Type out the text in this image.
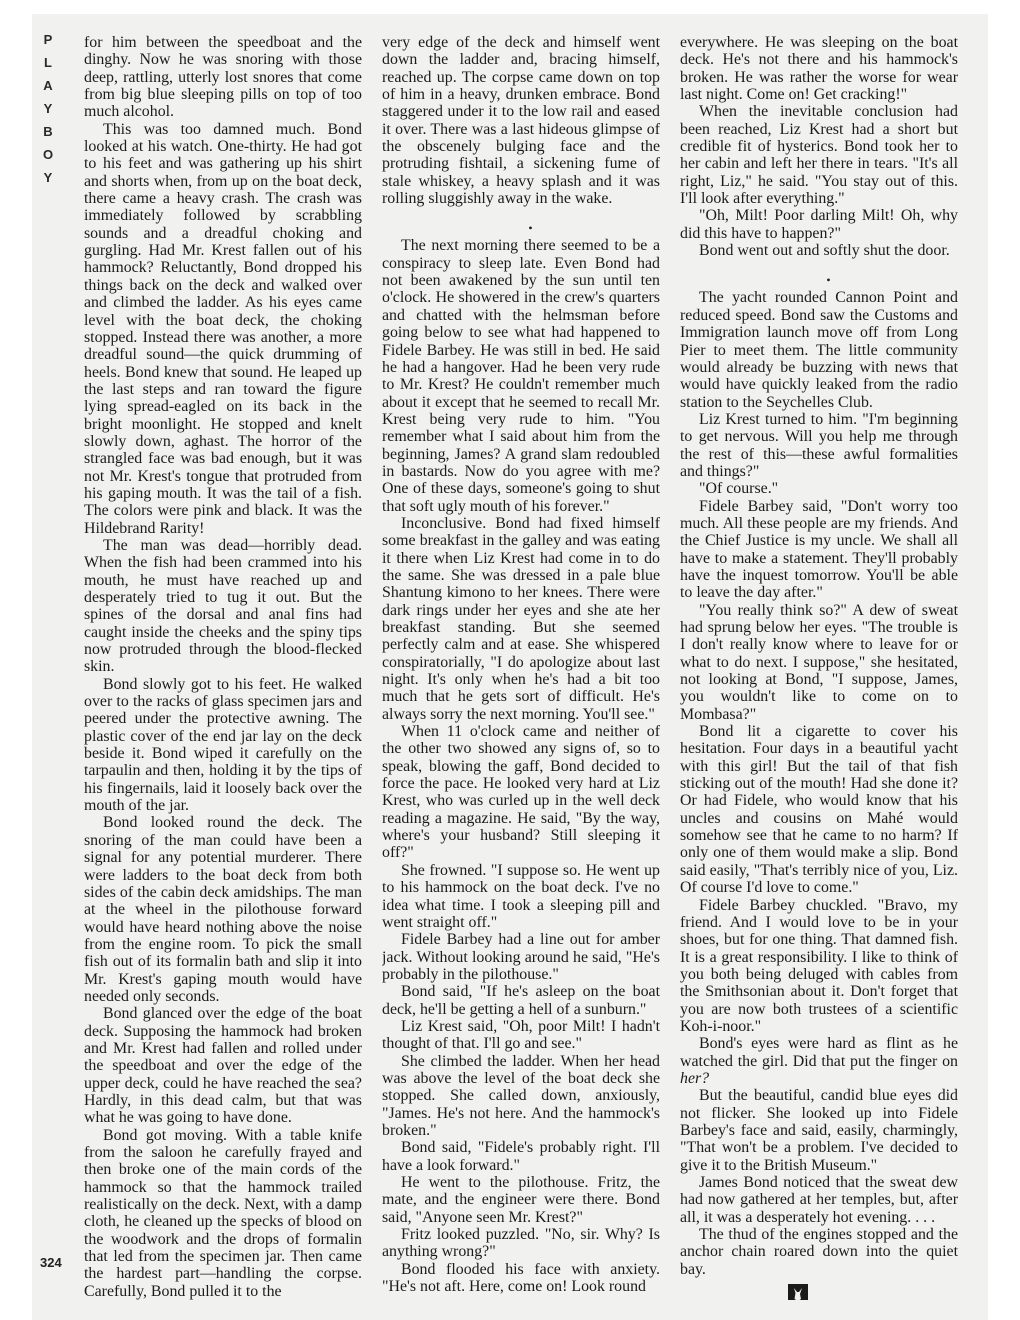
P
L
A
Y
B
O
Y

for him between the speedboat and the dinghy. Now he was snoring with those deep, rattling, utterly lost snores that come from big blue sleeping pills on top of too much alcohol.

This was too damned much. Bond looked at his watch. One-thirty. He had got to his feet and was gathering up his shirt and shorts when, from up on the boat deck, there came a heavy crash. The crash was immediately followed by scrabbling sounds and a dreadful choking and gurgling. Had Mr. Krest fallen out of his hammock? Reluctantly, Bond dropped his things back on the deck and walked over and climbed the ladder. As his eyes came level with the boat deck, the choking stopped. Instead there was another, a more dreadful sound—the quick drumming of heels. Bond knew that sound. He leaped up the last steps and ran toward the figure lying spread-eagled on its back in the bright moonlight. He stopped and knelt slowly down, aghast. The horror of the strangled face was bad enough, but it was not Mr. Krest's tongue that protruded from his gaping mouth. It was the tail of a fish. The colors were pink and black. It was the Hildebrand Rarity!

The man was dead—horribly dead. When the fish had been crammed into his mouth, he must have reached up and desperately tried to tug it out. But the spines of the dorsal and anal fins had caught inside the cheeks and the spiny tips now protruded through the blood-flecked skin.

Bond slowly got to his feet. He walked over to the racks of glass specimen jars and peered under the protective awning. The plastic cover of the end jar lay on the deck beside it. Bond wiped it carefully on the tarpaulin and then, holding it by the tips of his fingernails, laid it loosely back over the mouth of the jar.

Bond looked round the deck. The snoring of the man could have been a signal for any potential murderer. There were ladders to the boat deck from both sides of the cabin deck amidships. The man at the wheel in the pilothouse forward would have heard nothing above the noise from the engine room. To pick the small fish out of its formalin bath and slip it into Mr. Krest's gaping mouth would have needed only seconds.

Bond glanced over the edge of the boat deck. Supposing the hammock had broken and Mr. Krest had fallen and rolled under the speedboat and over the edge of the upper deck, could he have reached the sea? Hardly, in this dead calm, but that was what he was going to have done.

Bond got moving. With a table knife from the saloon he carefully frayed and then broke one of the main cords of the hammock so that the hammock trailed realistically on the deck. Next, with a damp cloth, he cleaned up the specks of blood on the woodwork and the drops of formalin that led from the specimen jar. Then came the hardest part—handling the corpse. Carefully, Bond pulled it to the

very edge of the deck and himself went down the ladder and, bracing himself, reached up. The corpse came down on top of him in a heavy, drunken embrace. Bond staggered under it to the low rail and eased it over. There was a last hideous glimpse of the obscenely bulging face and the protruding fishtail, a sickening fume of stale whiskey, a heavy splash and it was rolling sluggishly away in the wake.

•

The next morning there seemed to be a conspiracy to sleep late. Even Bond had not been awakened by the sun until ten o'clock. He showered in the crew's quarters and chatted with the helmsman before going below to see what had happened to Fidele Barbey. He was still in bed. He said he had a hangover. Had he been very rude to Mr. Krest? He couldn't remember much about it except that he seemed to recall Mr. Krest being very rude to him. "You remember what I said about him from the beginning, James? A grand slam redoubled in bastards. Now do you agree with me? One of these days, someone's going to shut that soft ugly mouth of his forever."

Inconclusive. Bond had fixed himself some breakfast in the galley and was eating it there when Liz Krest had come in to do the same. She was dressed in a pale blue Shantung kimono to her knees. There were dark rings under her eyes and she ate her breakfast standing. But she seemed perfectly calm and at ease. She whispered conspiratorially, "I do apologize about last night. It's only when he's had a bit too much that he gets sort of difficult. He's always sorry the next morning. You'll see."

When 11 o'clock came and neither of the other two showed any signs of, so to speak, blowing the gaff, Bond decided to force the pace. He looked very hard at Liz Krest, who was curled up in the well deck reading a magazine. He said, "By the way, where's your husband? Still sleeping it off?"

She frowned. "I suppose so. He went up to his hammock on the boat deck. I've no idea what time. I took a sleeping pill and went straight off."

Fidele Barbey had a line out for amber jack. Without looking around he said, "He's probably in the pilothouse."

Bond said, "If he's asleep on the boat deck, he'll be getting a hell of a sunburn."

Liz Krest said, "Oh, poor Milt! I hadn't thought of that. I'll go and see."

She climbed the ladder. When her head was above the level of the boat deck she stopped. She called down, anxiously, "James. He's not here. And the hammock's broken."

Bond said, "Fidele's probably right. I'll have a look forward."

He went to the pilothouse. Fritz, the mate, and the engineer were there. Bond said, "Anyone seen Mr. Krest?"

Fritz looked puzzled. "No, sir. Why? Is anything wrong?"

Bond flooded his face with anxiety. "He's not aft. Here, come on! Look round

everywhere. He was sleeping on the boat deck. He's not there and his hammock's broken. He was rather the worse for wear last night. Come on! Get cracking!"

When the inevitable conclusion had been reached, Liz Krest had a short but credible fit of hysterics. Bond took her to her cabin and left her there in tears. "It's all right, Liz," he said. "You stay out of this. I'll look after everything."

"Oh, Milt! Poor darling Milt! Oh, why did this have to happen?"

Bond went out and softly shut the door.

•

The yacht rounded Cannon Point and reduced speed. Bond saw the Customs and Immigration launch move off from Long Pier to meet them. The little community would already be buzzing with news that would have quickly leaked from the radio station to the Seychelles Club.

Liz Krest turned to him. "I'm beginning to get nervous. Will you help me through the rest of this—these awful formalities and things?"

"Of course."

Fidele Barbey said, "Don't worry too much. All these people are my friends. And the Chief Justice is my uncle. We shall all have to make a statement. They'll probably have the inquest tomorrow. You'll be able to leave the day after."

"You really think so?" A dew of sweat had sprung below her eyes. "The trouble is I don't really know where to leave for or what to do next. I suppose," she hesitated, not looking at Bond, "I suppose, James, you wouldn't like to come on to Mombasa?"

Bond lit a cigarette to cover his hesitation. Four days in a beautiful yacht with this girl! But the tail of that fish sticking out of the mouth! Had she done it? Or had Fidele, who would know that his uncles and cousins on Mahé would somehow see that he came to no harm? If only one of them would make a slip. Bond said easily, "That's terribly nice of you, Liz. Of course I'd love to come."

Fidele Barbey chuckled. "Bravo, my friend. And I would love to be in your shoes, but for one thing. That damned fish. It is a great responsibility. I like to think of you both being deluged with cables from the Smithsonian about it. Don't forget that you are now both trustees of a scientific Koh-i-noor."

Bond's eyes were hard as flint as he watched the girl. Did that put the finger on her?

But the beautiful, candid blue eyes did not flicker. She looked up into Fidele Barbey's face and said, easily, charmingly, "That won't be a problem. I've decided to give it to the British Museum."

James Bond noticed that the sweat dew had now gathered at her temples, but, after all, it was a desperately hot evening. . . .

The thud of the engines stopped and the anchor chain roared down into the quiet bay.

324
